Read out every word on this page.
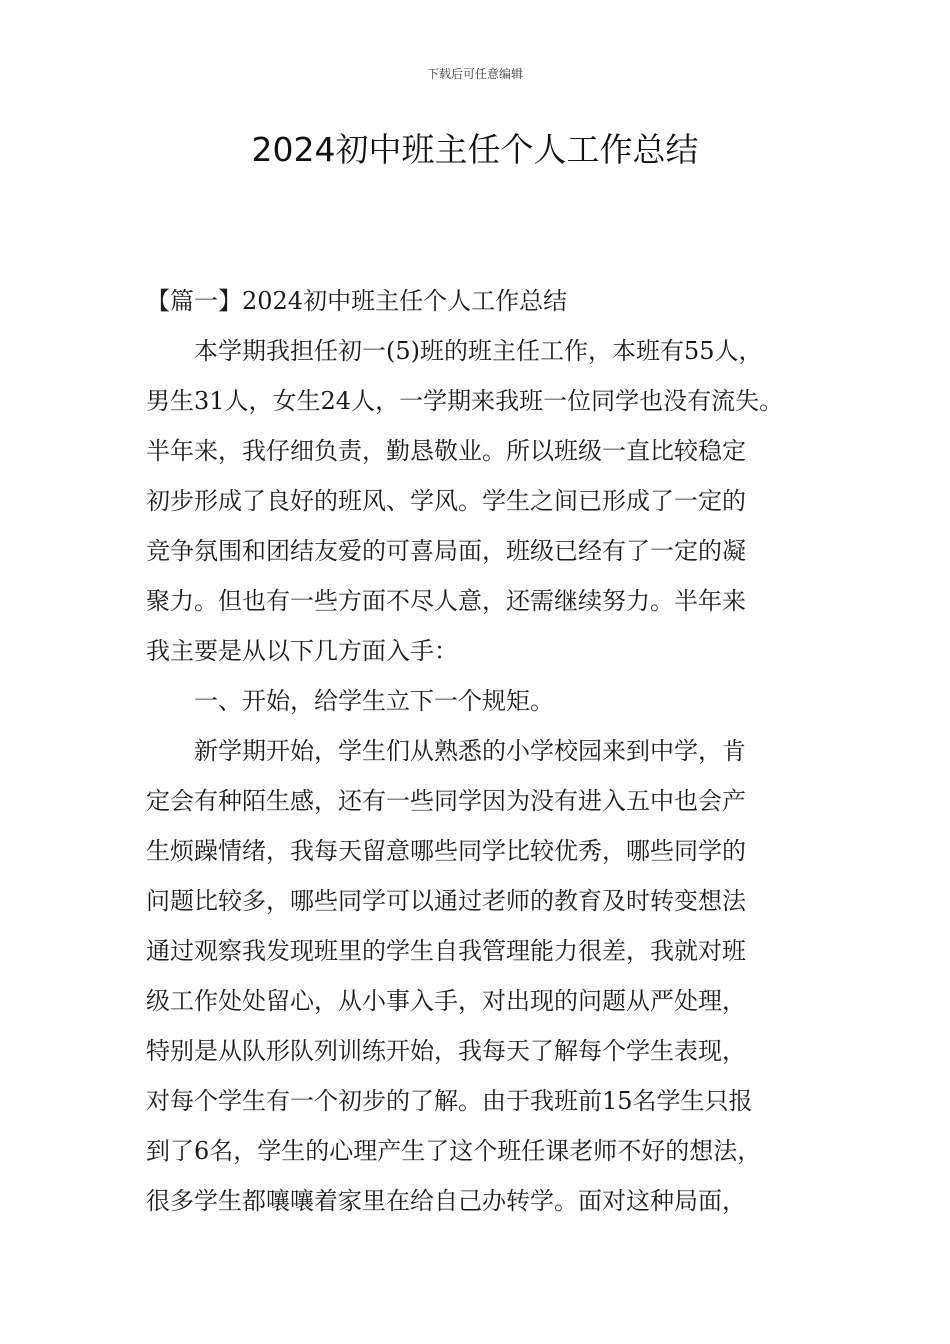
下载后可任意编辑
2024初中班主任个人工作总结
【篇一】2024初中班主任个人工作总结
本学期我担任初一(5)班的班主任工作，本班有55人，
男生31人，女生24人，一学期来我班一位同学也没有流失。
半年来，我仔细负责，勤恳敬业。所以班级一直比较稳定
初步形成了良好的班风、学风。学生之间已形成了一定的
竞争氛围和团结友爱的可喜局面，班级已经有了一定的凝
聚力。但也有一些方面不尽人意，还需继续努力。半年来
我主要是从以下几方面入手：
一、开始，给学生立下一个规矩。
新学期开始，学生们从熟悉的小学校园来到中学，肯
定会有种陌生感，还有一些同学因为没有进入五中也会产
生烦躁情绪，我每天留意哪些同学比较优秀，哪些同学的
问题比较多，哪些同学可以通过老师的教育及时转变想法
通过观察我发现班里的学生自我管理能力很差，我就对班
级工作处处留心，从小事入手，对出现的问题从严处理，
特别是从队形队列训练开始，我每天了解每个学生表现，
对每个学生有一个初步的了解。由于我班前15名学生只报
到了6名，学生的心理产生了这个班任课老师不好的想法，
很多学生都嚷嚷着家里在给自己办转学。面对这种局面，
